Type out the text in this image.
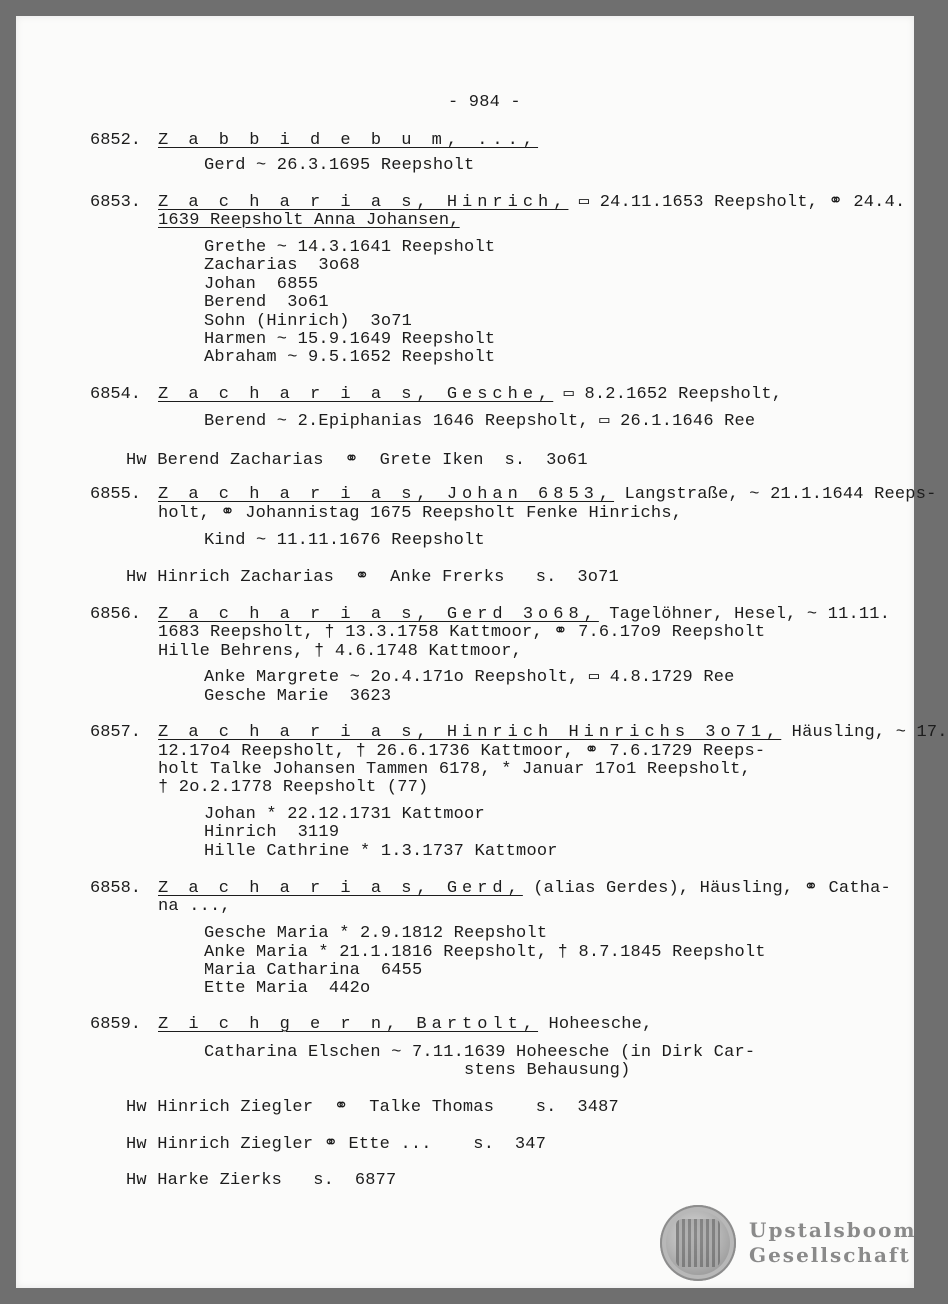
- 984 -
6852. Z a b b i d e b u m, ...,
Gerd ~ 26.3.1695 Reepsholt
6853. Z a c h a r i a s, Hinrich, ▭ 24.11.1653 Reepsholt, ⚭ 24.4.
1639 Reepsholt Anna Johansen,
Grethe ~ 14.3.1641 Reepsholt
Zacharias  3o68
Johan  6855
Berend  3o61
Sohn (Hinrich)  3o71
Harmen ~ 15.9.1649 Reepsholt
Abraham ~ 9.5.1652 Reepsholt
6854. Z a c h a r i a s, Gesche, ▭ 8.2.1652 Reepsholt,
Berend ~ 2.Epiphanias 1646 Reepsholt, ▭ 26.1.1646 Ree
Hw Berend Zacharias  ⚭  Grete Iken  s.  3o61
6855. Z a c h a r i a s, Johan 6853, Langstraße, ~ 21.1.1644 Reeps-
holt, ⚭ Johannistag 1675 Reepsholt Fenke Hinrichs,
Kind ~ 11.11.1676 Reepsholt
Hw Hinrich Zacharias  ⚭  Anke Frerks   s.  3o71
6856. Z a c h a r i a s, Gerd 3o68, Tagelöhner, Hesel, ~ 11.11.
1683 Reepsholt, † 13.3.1758 Kattmoor, ⚭ 7.6.17o9 Reepsholt
Hille Behrens, † 4.6.1748 Kattmoor,
Anke Margrete ~ 2o.4.171o Reepsholt, ▭ 4.8.1729 Ree
Gesche Marie  3623
6857. Z a c h a r i a s, Hinrich Hinrichs 3o71, Häusling, ~ 17.
12.17o4 Reepsholt, † 26.6.1736 Kattmoor, ⚭ 7.6.1729 Reeps-
holt Talke Johansen Tammen 6178, * Januar 17o1 Reepsholt,
† 2o.2.1778 Reepsholt (77)
Johan * 22.12.1731 Kattmoor
Hinrich  3119
Hille Cathrine * 1.3.1737 Kattmoor
6858. Z a c h a r i a s, Gerd, (alias Gerdes), Häusling, ⚭ Catha-
na ...,
Gesche Maria * 2.9.1812 Reepsholt
Anke Maria * 21.1.1816 Reepsholt, † 8.7.1845 Reepsholt
Maria Catharina  6455
Ette Maria  442o
6859. Z i c h g e r n, Bartolt, Hoheesche,
Catharina Elschen ~ 7.11.1639 Hoheesche (in Dirk Car-
stens Behausung)
Hw Hinrich Ziegler  ⚭  Talke Thomas    s.  3487
Hw Hinrich Ziegler ⚭ Ette ...    s.  347
Hw Harke Zierks   s.  6877
Upstalsboom
Gesellschaft
